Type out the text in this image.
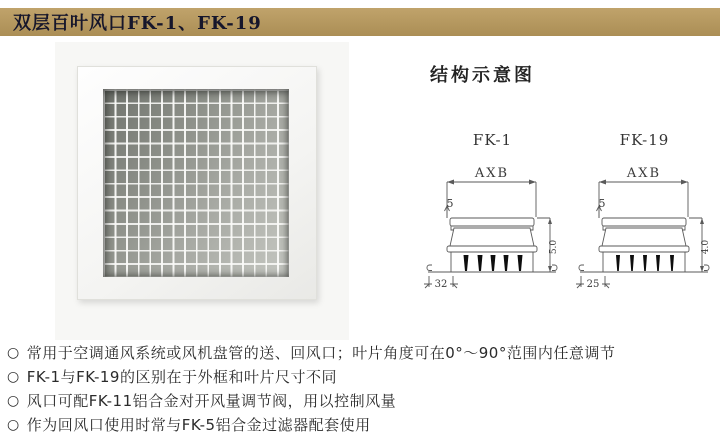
双层百叶风口FK-1、FK-19
结构示意图
FK-1
AXB
5
5.0
32
FK-19
AXB
5
4.0
25
○ 常用于空调通风系统或风机盘管的送、回风口；叶片角度可在0°～90°范围内任意调节
○ FK-1与FK-19的区别在于外框和叶片尺寸不同
○ 风口可配FK-11铝合金对开风量调节阀，用以控制风量
○ 作为回风口使用时常与FK-5铝合金过滤器配套使用
